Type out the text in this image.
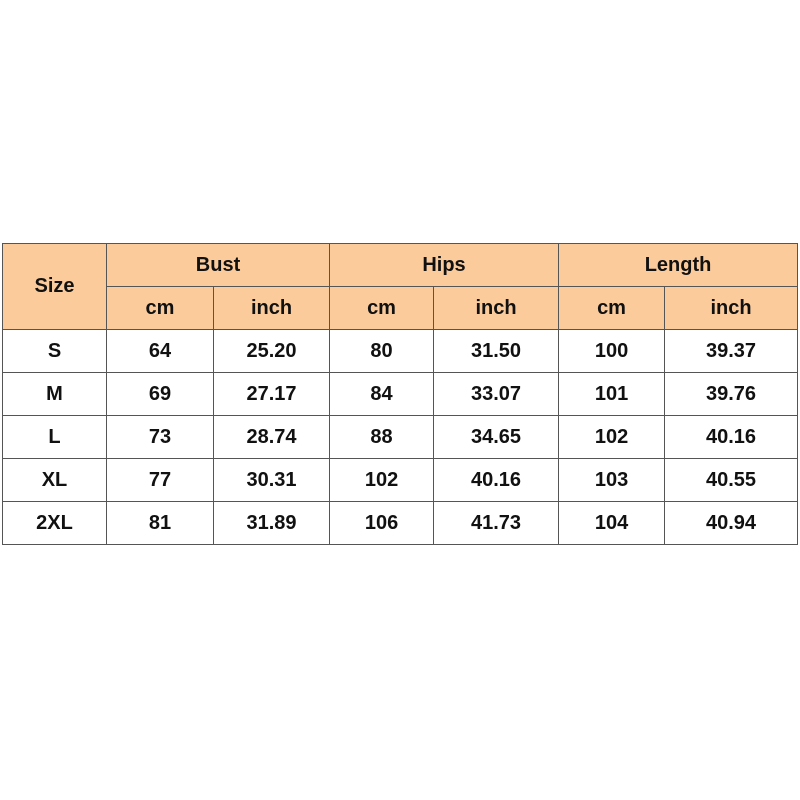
Size	Bust		Hips		Length	
	cm	inch	cm	inch	cm	inch
S	64	25.20	80	31.50	100	39.37
M	69	27.17	84	33.07	101	39.76
L	73	28.74	88	34.65	102	40.16
XL	77	30.31	102	40.16	103	40.55
2XL	81	31.89	106	41.73	104	40.94
